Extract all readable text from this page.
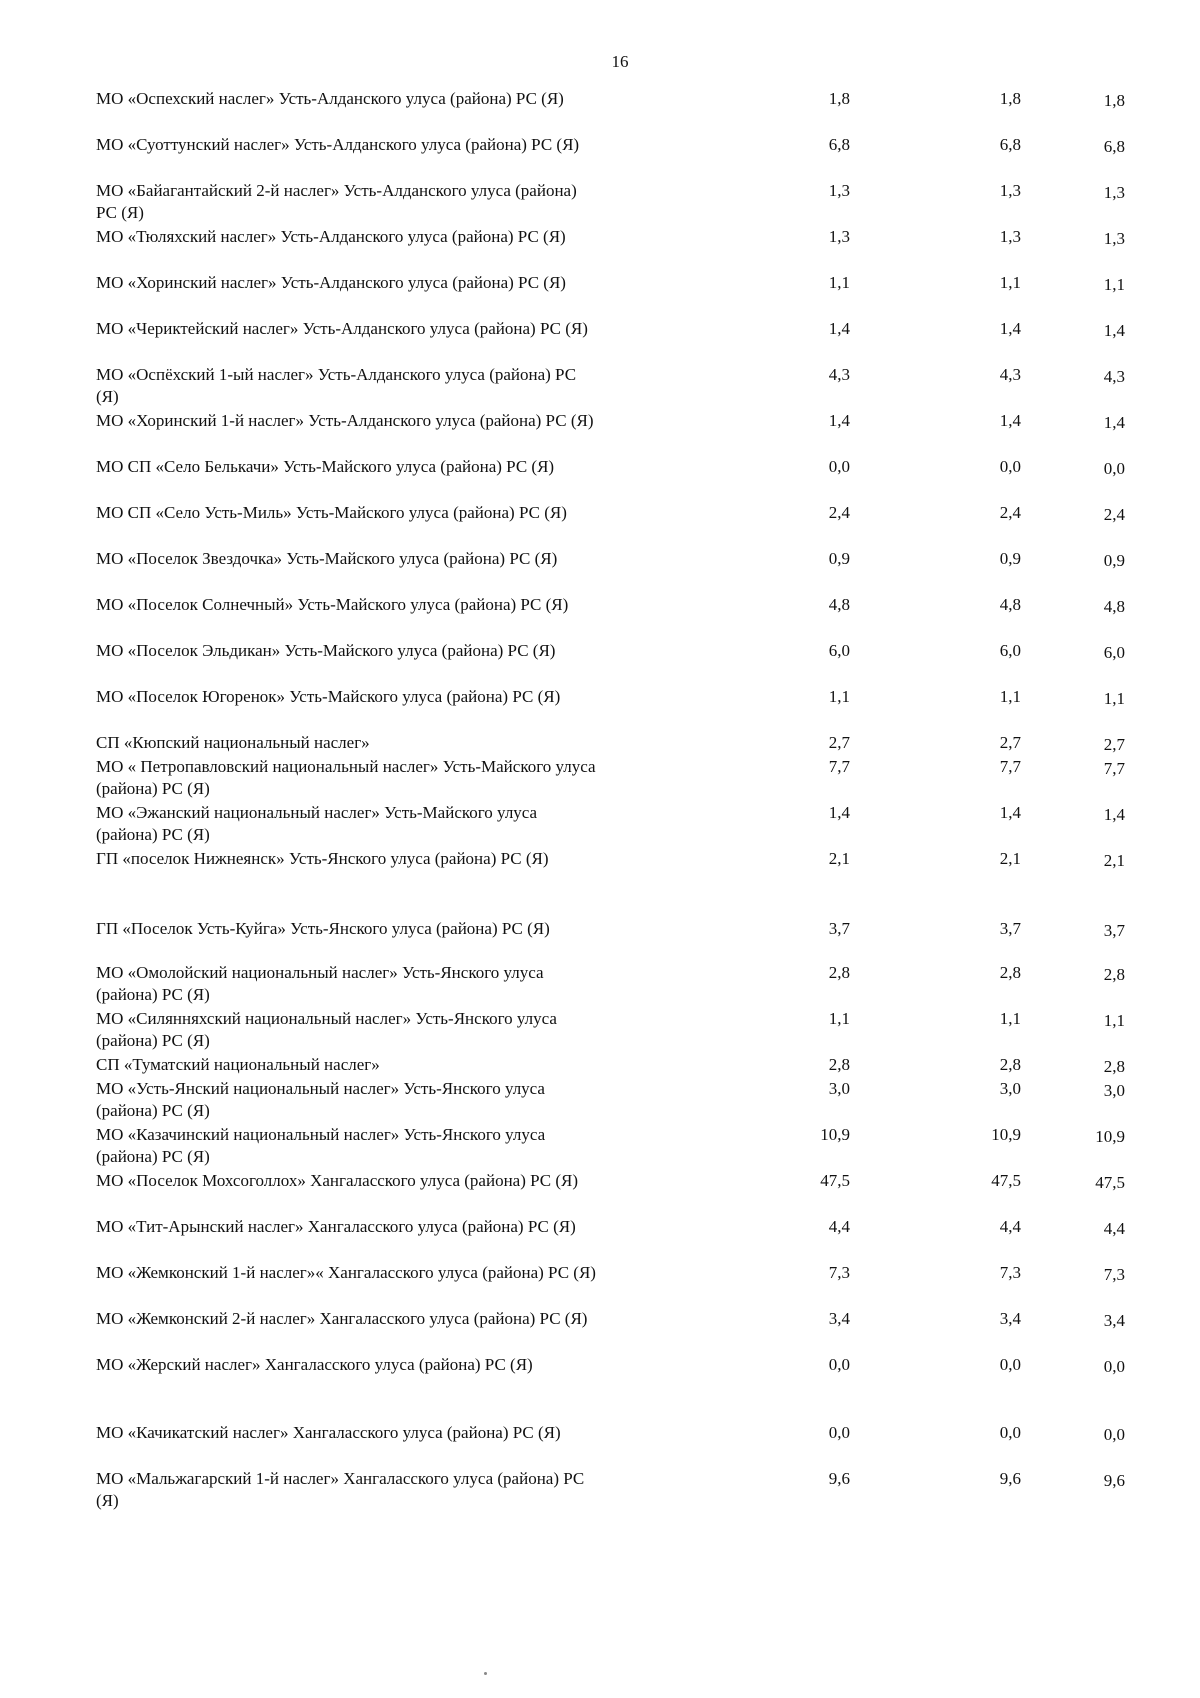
16
МО «Оспехский наслег» Усть-Алданского улуса (района) РС (Я)	1,8	1,8	1,8
МО «Суоттунский наслег» Усть-Алданского улуса (района) РС (Я)	6,8	6,8	6,8
МО «Байагантайский 2-й наслег» Усть-Алданского улуса (района) РС (Я)
1,3	1,3	1,3
МО «Тюляхский наслег» Усть-Алданского улуса (района) РС (Я)	1,3	1,3	1,3
МО «Хоринский наслег» Усть-Алданского улуса (района) РС (Я)	1,1	1,1	1,1
МО «Чериктейский наслег» Усть-Алданского улуса (района) РС (Я)	1,4	1,4	1,4
МО «Оспёхский 1-ый наслег» Усть-Алданского улуса (района) РС (Я)
4,3	4,3	4,3
МО «Хоринский 1-й наслег» Усть-Алданского улуса (района) РС (Я)	1,4	1,4	1,4
МО СП «Село Белькачи» Усть-Майского улуса (района) РС (Я)	0,0	0,0	0,0
МО СП «Село Усть-Миль» Усть-Майского улуса (района) РС (Я)	2,4	2,4	2,4
МО «Поселок Звездочка» Усть-Майского улуса (района) РС (Я)	0,9	0,9	0,9
МО «Поселок Солнечный» Усть-Майского улуса (района) РС (Я)	4,8	4,8	4,8
МО «Поселок Эльдикан» Усть-Майского улуса (района) РС (Я)	6,0	6,0	6,0
МО «Поселок Югоренок» Усть-Майского улуса (района) РС (Я)	1,1	1,1	1,1
СП «Кюпский национальный наслег»	2,7	2,7	2,7
МО « Петропавловский национальный наслег» Усть-Майского улуса (района) РС (Я)
7,7	7,7	7,7
МО «Эжанский национальный наслег» Усть-Майского улуса (района) РС (Я)
1,4	1,4	1,4
ГП «поселок Нижнеянск» Усть-Янского улуса (района) РС (Я)	2,1	2,1	2,1
ГП «Поселок Усть-Куйга» Усть-Янского улуса (района) РС (Я)	3,7	3,7	3,7
МО «Омолойский национальный наслег» Усть-Янского улуса (района) РС (Я)
2,8	2,8	2,8
МО «Силянняхский национальный наслег» Усть-Янского улуса (района) РС (Я)
1,1	1,1	1,1
СП «Туматский национальный наслег»	2,8	2,8	2,8
МО «Усть-Янский национальный наслег» Усть-Янского улуса (района) РС (Я)
3,0	3,0	3,0
МО «Казачинский национальный наслег» Усть-Янского улуса (района) РС (Я)
10,9	10,9	10,9
МО «Поселок Мохсоголлох» Хангаласского улуса (района) РС (Я)	47,5	47,5	47,5
МО «Тит-Арынский наслег» Хангаласского улуса (района) РС (Я)	4,4	4,4	4,4
МО «Жемконский 1-й наслег»« Хангаласского улуса (района) РС (Я)	7,3	7,3	7,3
МО «Жемконский 2-й наслег» Хангаласского улуса (района) РС (Я)	3,4	3,4	3,4
МО «Жерский наслег» Хангаласского улуса (района) РС (Я)	0,0	0,0	0,0
МО «Качикатский наслег» Хангаласского улуса (района) РС (Я)	0,0	0,0	0,0
МО «Мальжагарский 1-й наслег» Хангаласского улуса (района) РС (Я)
9,6	9,6	9,6
